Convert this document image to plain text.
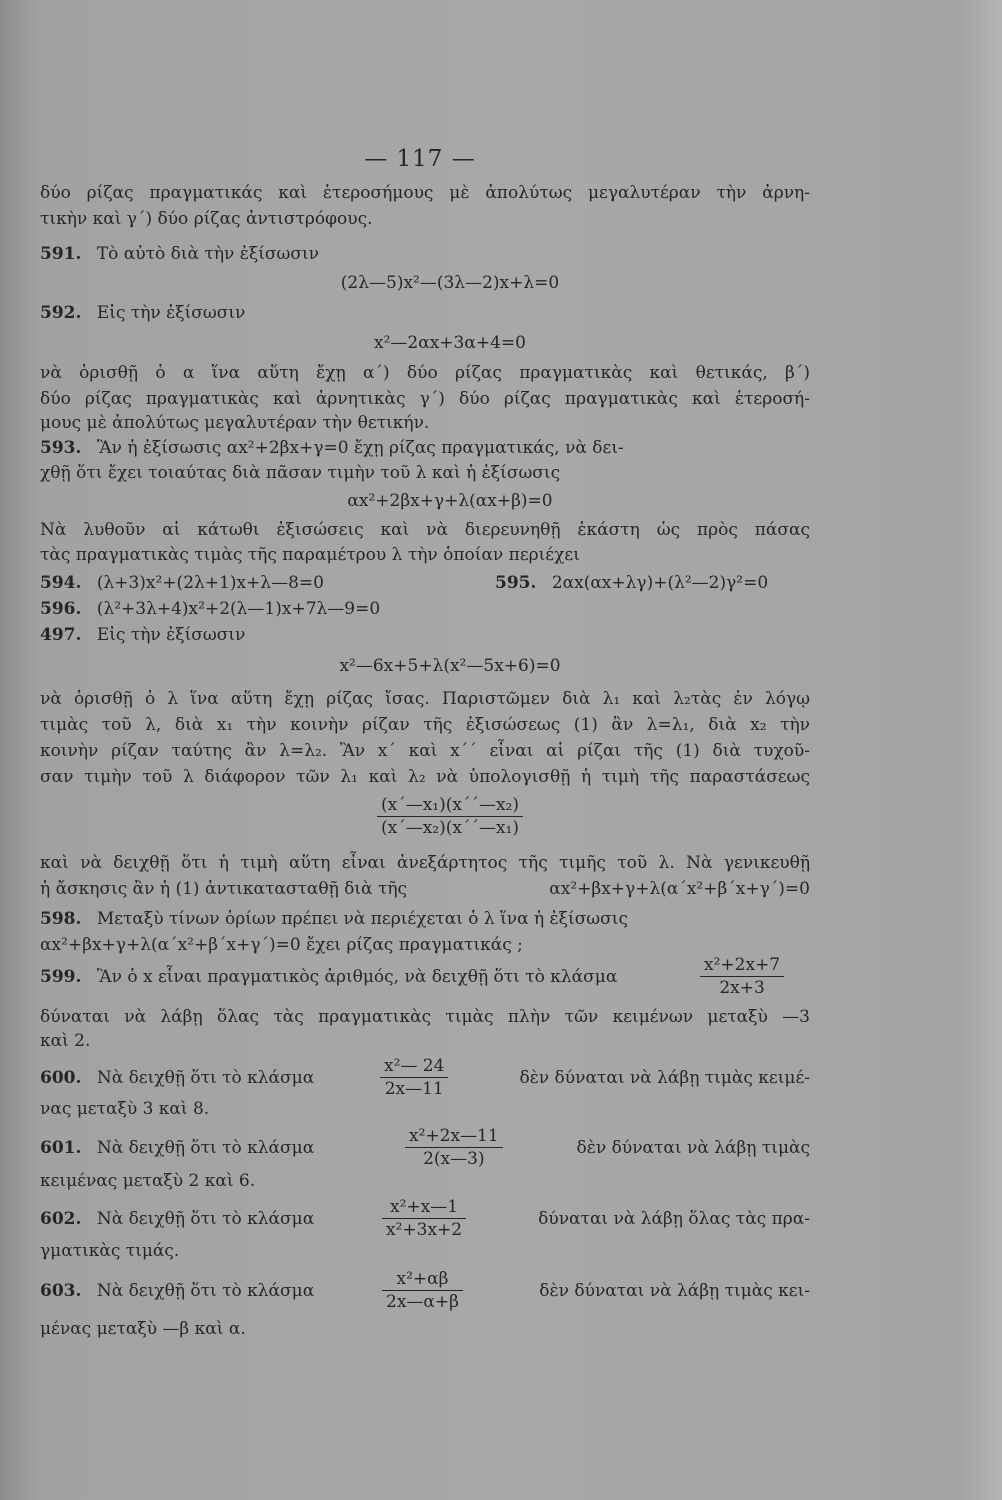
— 117 —
δύο ρίζας πραγματικάς καὶ ἑτεροσήμους μὲ ἀπολύτως μεγαλυτέραν τὴν ἀρνη-
τικὴν καὶ γ΄) δύο ρίζας ἀντιστρόφους.
591. Τὸ αὐτὸ διὰ τὴν ἐξίσωσιν
(2λ—5)x²—(3λ—2)x+λ=0
592. Εἰς τὴν ἐξίσωσιν
x²—2αx+3α+4=0
νὰ ὁρισθῇ ὁ α ἵνα αὕτη ἔχῃ α΄) δύο ρίζας πραγματικὰς καὶ θετικάς, β΄)
δύο ρίζας πραγματικὰς καὶ ἀρνητικὰς γ΄) δύο ρίζας πραγματικὰς καὶ ἑτεροσή-
μους μὲ ἀπολύτως μεγαλυτέραν τὴν θετικήν.
593. Ἂν ἡ ἐξίσωσις αx²+2βx+γ=0 ἔχῃ ρίζας πραγματικάς, νὰ δει-
χθῇ ὅτι ἔχει τοιαύτας διὰ πᾶσαν τιμὴν τοῦ λ καὶ ἡ ἐξίσωσις
αx²+2βx+γ+λ(αx+β)=0
Νὰ λυθοῦν αἱ κάτωθι ἐξισώσεις καὶ νὰ διερευνηθῇ ἑκάστη ὡς πρὸς πάσας
τὰς πραγματικὰς τιμὰς τῆς παραμέτρου λ τὴν ὁποίαν περιέχει
594. (λ+3)x²+(2λ+1)x+λ—8=0	595. 2αx(αx+λγ)+(λ²—2)γ²=0
596. (λ²+3λ+4)x²+2(λ—1)x+7λ—9=0
497. Εἰς τὴν ἐξίσωσιν
x²—6x+5+λ(x²—5x+6)=0
νὰ ὁρισθῇ ὁ λ ἵνα αὕτη ἔχῃ ρίζας ἴσας. Παριστῶμεν διὰ λ₁ καὶ λ₂τὰς ἐν λόγῳ
τιμὰς τοῦ λ, διὰ x₁ τὴν κοινὴν ρίζαν τῆς ἐξισώσεως (1) ἂν λ=λ₁, διὰ x₂ τὴν
κοινὴν ρίζαν ταύτης ἂν λ=λ₂. Ἂν x΄ καὶ x΄΄ εἶναι αἱ ρίζαι τῆς (1) διὰ τυχοῦ-
σαν τιμὴν τοῦ λ διάφορον τῶν λ₁ καὶ λ₂ νὰ ὑπολογισθῇ ἡ τιμὴ τῆς παραστάσεως
$\frac{\text{(x΄—x₁)(x΄΄—x₂)}}{\text{(x΄—x₂)(x΄΄—x₁)}}$
καὶ νὰ δειχθῇ ὅτι ἡ τιμὴ αὕτη εἶναι ἀνεξάρτητος τῆς τιμῆς τοῦ λ. Νὰ γενικευθῇ
ἡ ἄσκησις ἂν ἡ (1) ἀντικατασταθῇ διὰ τῆς	αx²+βx+γ+λ(α΄x²+β΄x+γ΄)=0
598. Μεταξὺ τίνων ὁρίων πρέπει νὰ περιέχεται ὁ λ ἵνα ἡ ἐξίσωσις
αx²+βx+γ+λ(α΄x²+β΄x+γ΄)=0 ἔχει ρίζας πραγματικάς ;
599. Ἂν ὁ x εἶναι πραγματικὸς ἀριθμός, νὰ δειχθῇ ὅτι τὸ κλάσμα	$\frac{\text{x²+2x+7}}{2x+3}$
δύναται νὰ λάβῃ ὅλας τὰς πραγματικὰς τιμὰς πλὴν τῶν κειμένων μεταξὺ —3
καὶ 2.
600. Νὰ δειχθῇ ὅτι τὸ κλάσμα	$\frac{\text{x²— 24}}{2x—11}$	δὲν δύναται νὰ λάβῃ τιμὰς κειμέ-
νας μεταξὺ 3 καὶ 8.
601. Νὰ δειχθῇ ὅτι τὸ κλάσμα	$\frac{\text{x²+2x—11}}{2(x—3)}$	δὲν δύναται νὰ λάβῃ τιμὰς
κειμένας μεταξὺ 2 καὶ 6.
602. Νὰ δειχθῇ ὅτι τὸ κλάσμα	$\frac{\text{x²+x—1}}{\text{x²+3x+2}}$	δύναται νὰ λάβῃ ὅλας τὰς πρα-
γματικὰς τιμάς.
603. Νὰ δειχθῇ ὅτι τὸ κλάσμα	$\frac{\text{x²+αβ}}{2x—\alpha+\beta}$	δὲν δύναται νὰ λάβῃ τιμὰς κει-
μένας μεταξὺ —β καὶ α.
